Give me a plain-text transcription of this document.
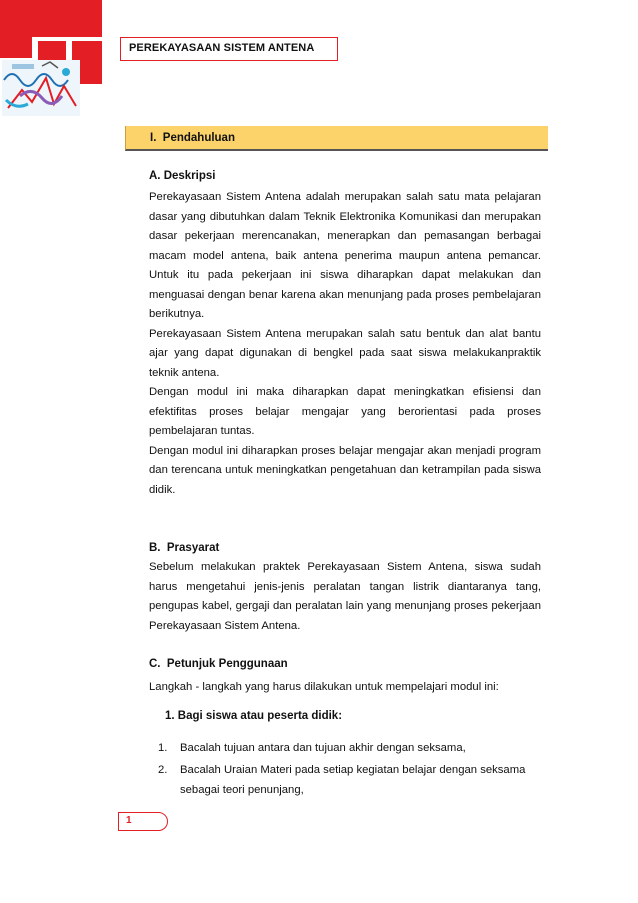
PEREKAYASAAN SISTEM ANTENA
I.  Pendahuluan
A. Deskripsi
Perekayasaan Sistem Antena adalah merupakan salah satu mata pelajaran dasar yang dibutuhkan dalam Teknik Elektronika Komunikasi dan merupakan dasar pekerjaan merencanakan, menerapkan dan pemasangan berbagai macam model antena, baik antena penerima maupun antena pemancar. Untuk itu pada pekerjaan ini siswa diharapkan dapat melakukan dan menguasai dengan benar karena akan menunjang pada proses pembelajaran berikutnya.
Perekayasaan Sistem Antena merupakan salah satu bentuk dan alat bantu ajar yang dapat digunakan di bengkel pada saat siswa melakukanpraktik teknik antena.
Dengan modul ini maka diharapkan dapat meningkatkan efisiensi dan efektifitas proses belajar mengajar yang berorientasi pada proses pembelajaran tuntas.
Dengan modul ini diharapkan proses belajar mengajar akan menjadi program dan terencana untuk meningkatkan pengetahuan dan ketrampilan pada siswa didik.
B.  Prasyarat
Sebelum melakukan praktek Perekayasaan Sistem Antena, siswa sudah harus mengetahui jenis-jenis peralatan tangan listrik diantaranya tang, pengupas kabel, gergaji dan peralatan lain yang menunjang proses pekerjaan Perekayasaan Sistem Antena.
C.  Petunjuk Penggunaan
Langkah - langkah yang harus dilakukan untuk mempelajari modul ini:
1. Bagi siswa atau peserta didik:
1.	Bacalah tujuan antara dan tujuan akhir dengan seksama,
2.	Bacalah Uraian Materi pada setiap kegiatan belajar dengan seksama sebagai teori penunjang,
1
